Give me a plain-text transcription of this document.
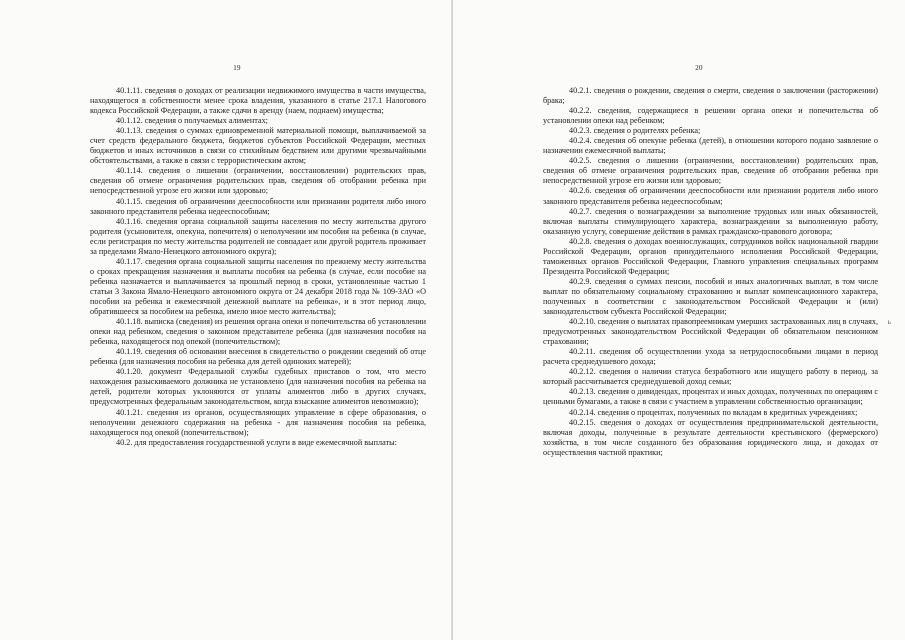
19

40.1.11. сведения о доходах от реализации недвижимого имущества в части имущества, находящегося в собственности менее срока владения, указанного в статье 217.1 Налогового кодекса Российской Федерации, а также сдачи в аренду (наем, поднаем) имущества;

40.1.12. сведения о получаемых алиментах;

40.1.13. сведения о суммах единовременной материальной помощи, выплачиваемой за счет средств федерального бюджета, бюджетов субъектов Российской Федерации, местных бюджетов и иных источников в связи со стихийным бедствием или другими чрезвычайными обстоятельствами, а также в связи с террористическим актом;

40.1.14. сведения о лишении (ограничении, восстановлении) родительских прав, сведения об отмене ограничения родительских прав, сведения об отобрании ребенка при непосредственной угрозе его жизни или здоровью;

40.1.15. сведения об ограничении дееспособности или признании родителя либо иного законного представителя ребенка недееспособным;

40.1.16. сведения органа социальной защиты населения по месту жительства другого родителя (усыновителя, опекуна, попечителя) о неполучении им пособия на ребенка (в случае, если регистрация по месту жительства родителей не совпадает или другой родитель проживает за пределами Ямало-Ненецкого автономного округа);

40.1.17. сведения органа социальной защиты населения по прежнему месту жительства о сроках прекращения назначения и выплаты пособия на ребенка (в случае, если пособие на ребенка назначается и выплачивается за прошлый период в сроки, установленные частью 1 статьи 3 Закона Ямало-Ненецкого автономного округа от 24 декабря 2018 года № 109-ЗАО «О пособии на ребенка и ежемесячной денежной выплате на ребенка», и в этот период лицо, обратившееся за пособием на ребенка, имело иное место жительства);

40.1.18. выписка (сведения) из решения органа опеки и попечительства об установлении опеки над ребенком, сведения о законном представителе ребенка (для назначения пособия на ребенка, находящегося под опекой (попечительством);

40.1.19. сведения об основании внесения в свидетельство о рождении сведений об отце ребенка (для назначения пособия на ребенка для детей одиноких матерей);

40.1.20. документ Федеральной службы судебных приставов о том, что место нахождения разыскиваемого должника не установлено (для назначения пособия на ребенка на детей, родители которых уклоняются от уплаты алиментов либо в других случаях, предусмотренных федеральным законодательством, когда взыскание алиментов невозможно);

40.1.21. сведения из органов, осуществляющих управление в сфере образования, о неполучении денежного содержания на ребенка - для назначения пособия на ребенка, находящегося под опекой (попечительством);

40.2. для предоставления государственной услуги в виде ежемесячной выплаты:

20
ь

40.2.1. сведения о рождении, сведения о смерти, сведения о заключении (расторжении) брака;

40.2.2. сведения, содержащиеся в решении органа опеки и попечительства об установлении опеки над ребенком;

40.2.3. сведения о родителях ребенка;

40.2.4. сведения об опекуне ребенка (детей), в отношении которого подано заявление о назначении ежемесячной выплаты;

40.2.5. сведения о лишении (ограничении, восстановлении) родительских прав, сведения об отмене ограничения родительских прав, сведения об отобрании ребенка при непосредственной угрозе его жизни или здоровью;

40.2.6. сведения об ограничении дееспособности или признании родителя либо иного законного представителя ребенка недееспособным;

40.2.7. сведения о вознаграждении за выполнение трудовых или иных обязанностей, включая выплаты стимулирующего характера, вознаграждении за выполненную работу, оказанную услугу, совершение действия в рамках гражданско-правового договора;

40.2.8. сведения о доходах военнослужащих, сотрудников войск национальной гвардии Российской Федерации, органов принудительного исполнения Российской Федерации, таможенных органов Российской Федерации, Главного управления специальных программ Президента Российской Федерации;

40.2.9. сведения о суммах пенсии, пособий и иных аналогичных выплат, в том числе выплат по обязательному социальному страхованию и выплат компенсационного характера, полученных в соответствии с законодательством Российской Федерации и (или) законодательством субъекта Российской Федерации;

40.2.10. сведения о выплатах правопреемникам умерших застрахованных лиц в случаях, предусмотренных законодательством Российской Федерации об обязательном пенсионном страховании;

40.2.11. сведения об осуществлении ухода за нетрудоспособными лицами в период расчета среднедушевого дохода;

40.2.12. сведения о наличии статуса безработного или ищущего работу в период, за который рассчитывается среднедушевой доход семьи;

40.2.13. сведения о дивидендах, процентах и иных доходах, полученных по операциям с ценными бумагами, а также в связи с участием в управлении собственностью организации;

40.2.14. сведения о процентах, полученных по вкладам в кредитных учреждениях;

40.2.15. сведения о доходах от осуществления предпринимательской деятельности, включая доходы, полученные в результате деятельности крестьянского (фермерского) хозяйства, в том числе созданного без образования юридического лица, и доходах от осуществления частной практики;
